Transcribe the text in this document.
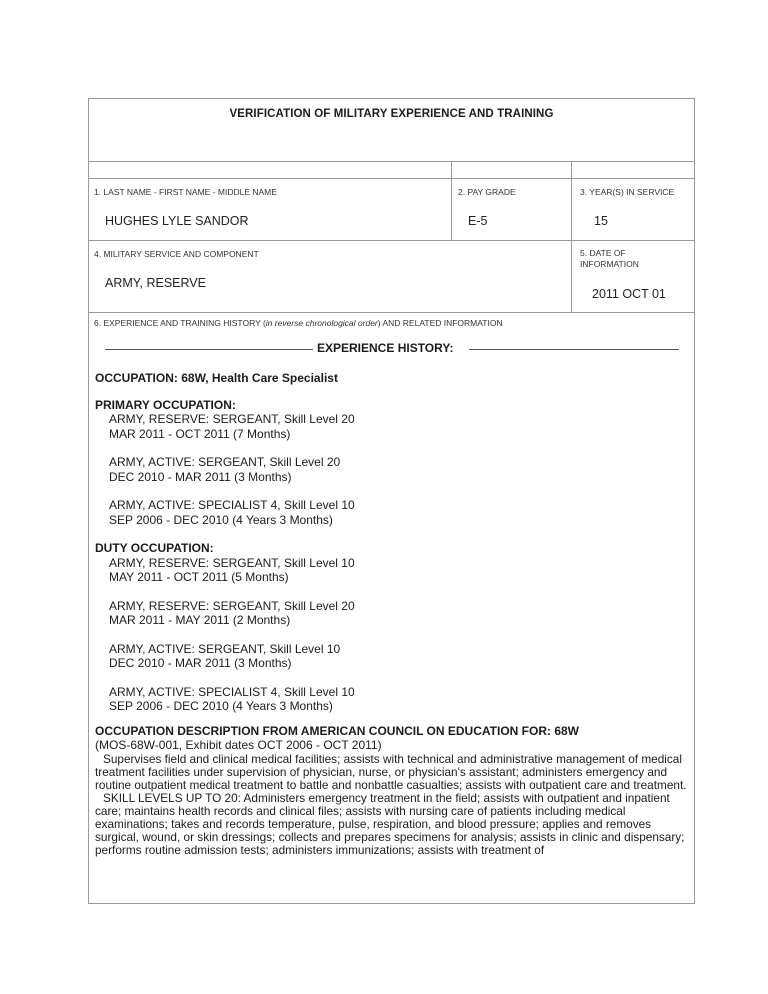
VERIFICATION OF MILITARY EXPERIENCE AND TRAINING
1. LAST NAME - FIRST NAME - MIDDLE NAME
HUGHES LYLE SANDOR
2. PAY GRADE
E-5
3. YEAR(S) IN SERVICE
15
4. MILITARY SERVICE AND COMPONENT
ARMY, RESERVE
5. DATE OF
INFORMATION
2011 OCT 01
6. EXPERIENCE AND TRAINING HISTORY (in reverse chronological order) AND RELATED INFORMATION
EXPERIENCE HISTORY:
OCCUPATION: 68W, Health Care Specialist
PRIMARY OCCUPATION:
ARMY, RESERVE: SERGEANT, Skill Level 20
MAR 2011 - OCT 2011 (7 Months)
ARMY, ACTIVE: SERGEANT, Skill Level 20
DEC 2010 - MAR 2011 (3 Months)
ARMY, ACTIVE: SPECIALIST 4, Skill Level 10
SEP 2006 - DEC 2010 (4 Years 3 Months)
DUTY OCCUPATION:
ARMY, RESERVE: SERGEANT, Skill Level 10
MAY 2011 - OCT 2011 (5 Months)
ARMY, RESERVE: SERGEANT, Skill Level 20
MAR 2011 - MAY 2011 (2 Months)
ARMY, ACTIVE: SERGEANT, Skill Level 10
DEC 2010 - MAR 2011 (3 Months)
ARMY, ACTIVE: SPECIALIST 4, Skill Level 10
SEP 2006 - DEC 2010 (4 Years 3 Months)
OCCUPATION DESCRIPTION FROM AMERICAN COUNCIL ON EDUCATION FOR: 68W
(MOS-68W-001, Exhibit dates OCT 2006 - OCT 2011)
Supervises field and clinical medical facilities; assists with technical and administrative management of medical treatment facilities under supervision of physician, nurse, or physician's assistant; administers emergency and routine outpatient medical treatment to battle and nonbattle casualties; assists with outpatient care and treatment.
SKILL LEVELS UP TO 20: Administers emergency treatment in the field; assists with outpatient and inpatient care; maintains health records and clinical files; assists with nursing care of patients including medical examinations; takes and records temperature, pulse, respiration, and blood pressure; applies and removes surgical, wound, or skin dressings; collects and prepares specimens for analysis; assists in clinic and dispensary; performs routine admission tests; administers immunizations; assists with treatment of
